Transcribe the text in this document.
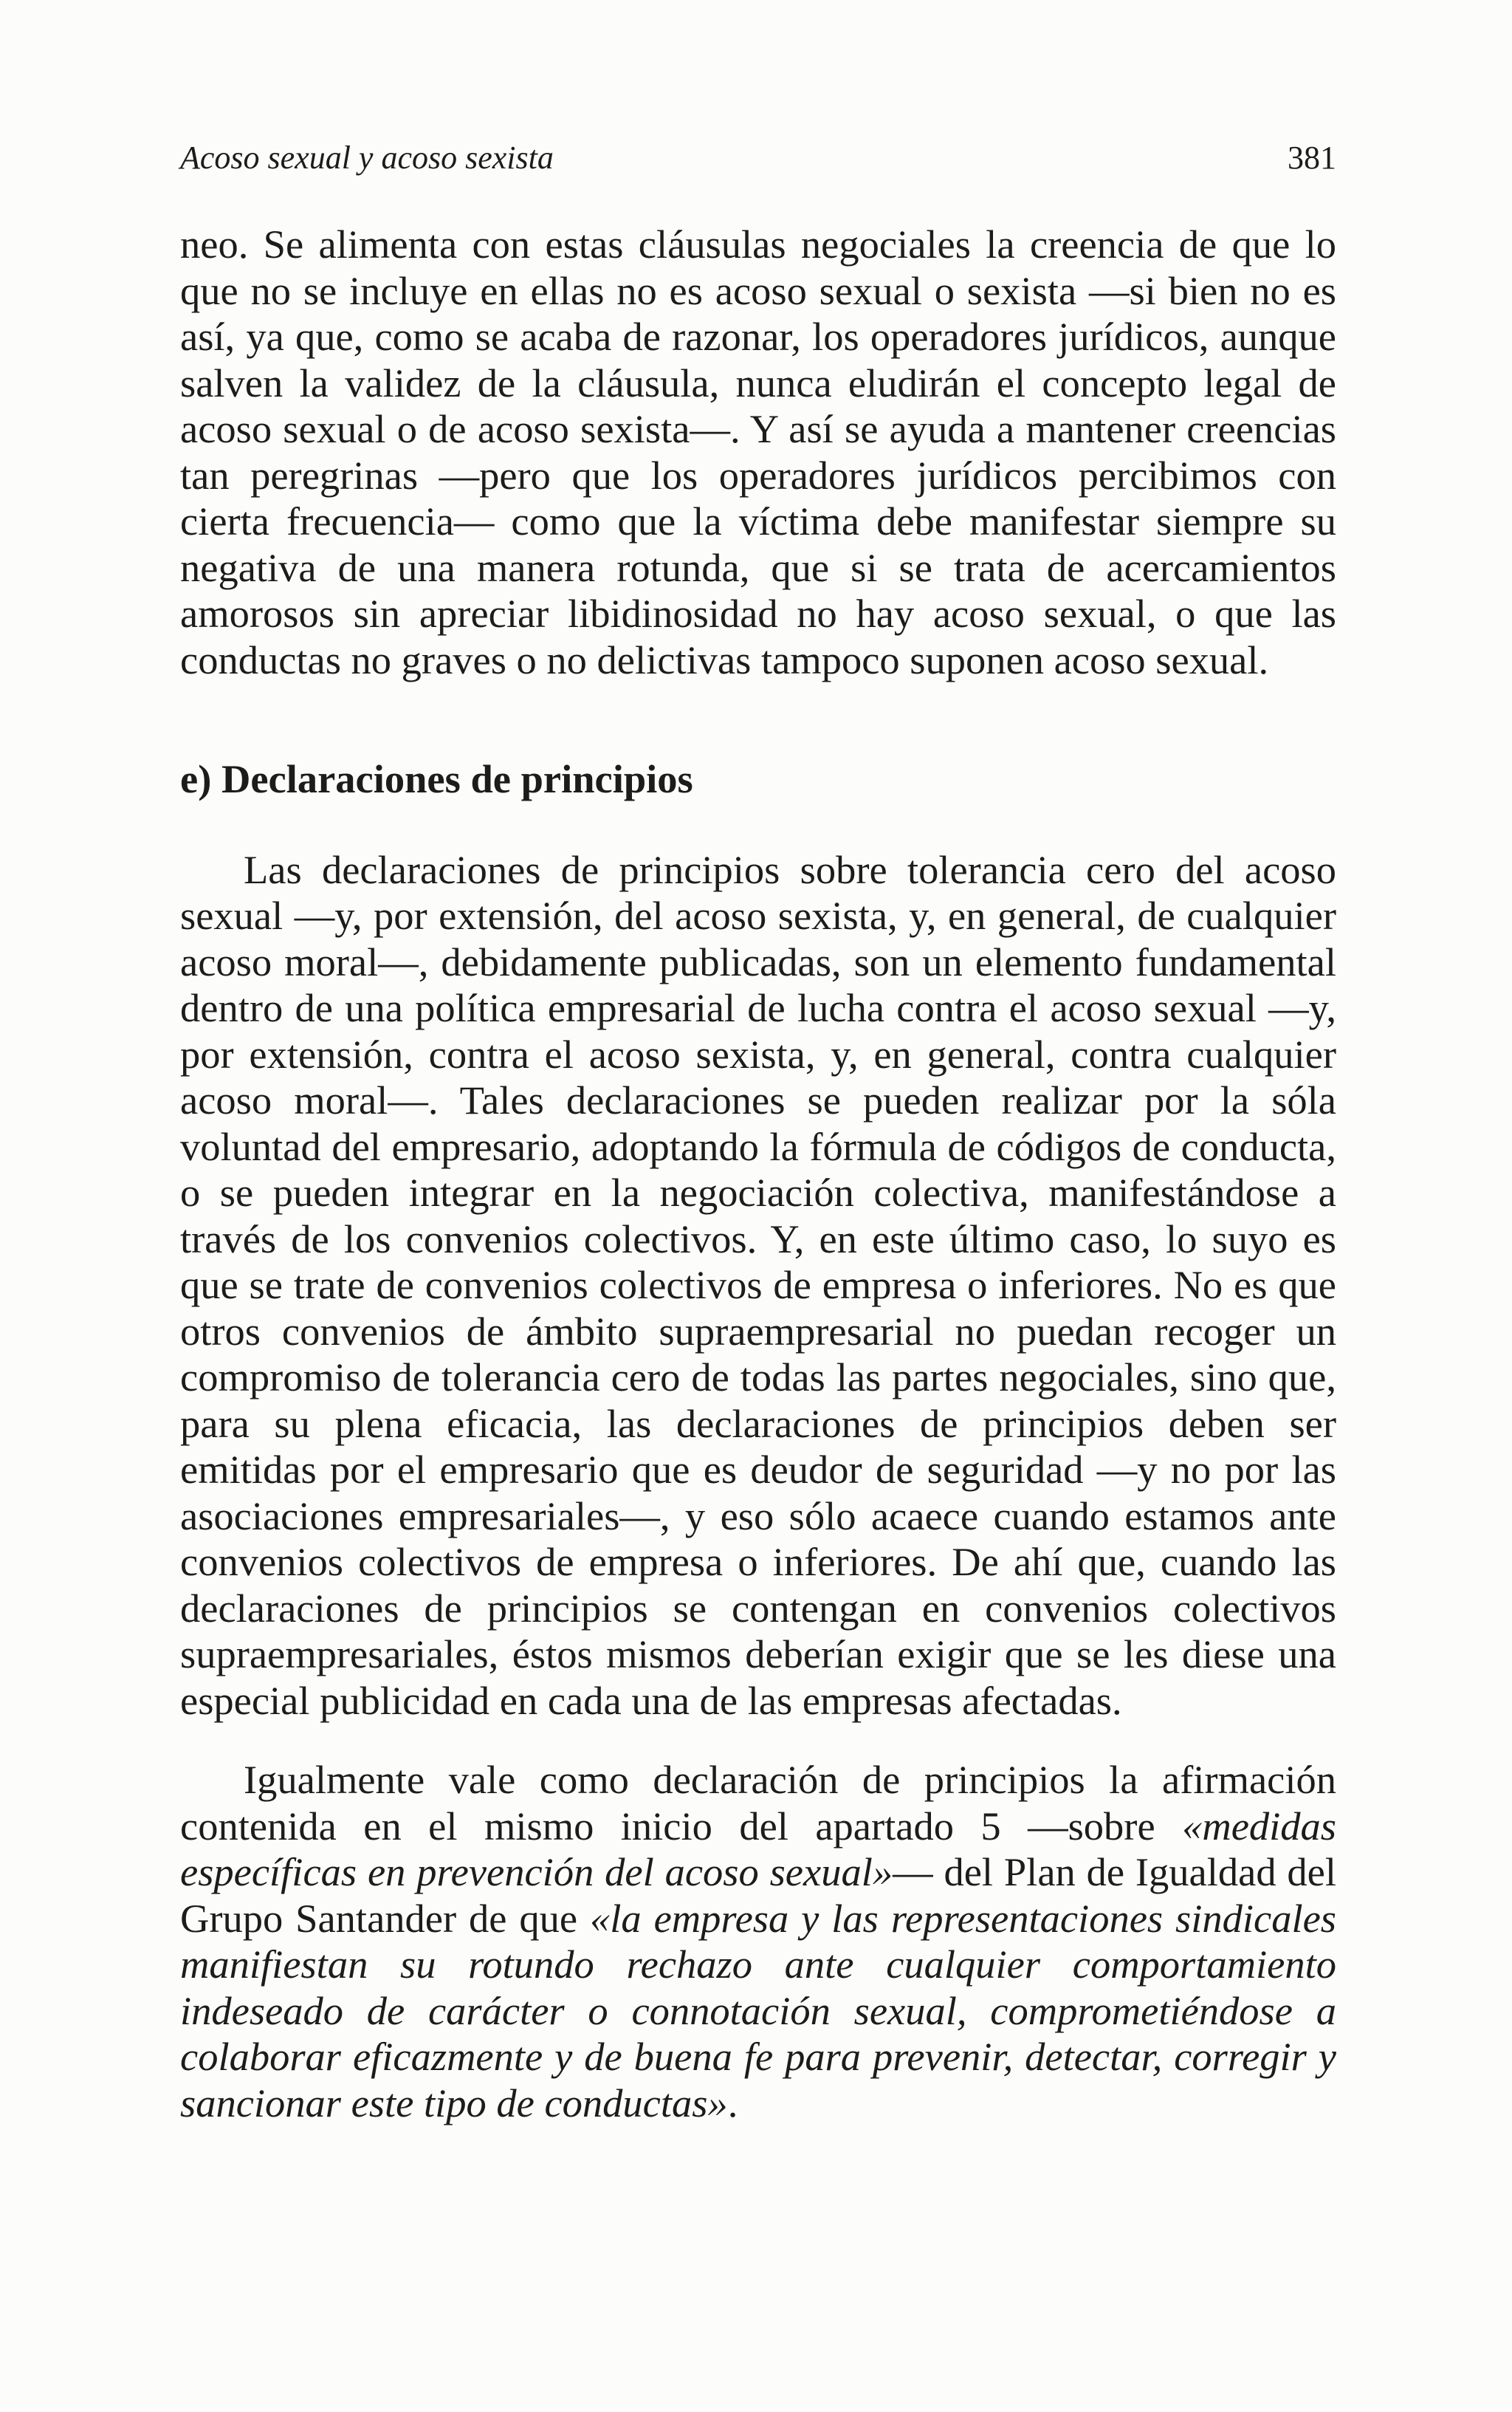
Acoso sexual y acoso sexista	381

neo. Se alimenta con estas cláusulas negociales la creencia de que lo que no se incluye en ellas no es acoso sexual o sexista —si bien no es así, ya que, como se acaba de razonar, los operadores jurídicos, aunque salven la validez de la cláusula, nunca eludirán el concepto legal de acoso sexual o de acoso sexista—. Y así se ayuda a mantener creencias tan peregrinas —pero que los operadores jurídicos percibimos con cierta frecuencia— como que la víctima debe manifestar siempre su negativa de una manera rotunda, que si se trata de acercamientos amorosos sin apreciar libidinosidad no hay acoso sexual, o que las conductas no graves o no delictivas tampoco suponen acoso sexual.

e) Declaraciones de principios

Las declaraciones de principios sobre tolerancia cero del acoso sexual —y, por extensión, del acoso sexista, y, en general, de cualquier acoso moral—, debidamente publicadas, son un elemento fundamental dentro de una política empresarial de lucha contra el acoso sexual —y, por extensión, contra el acoso sexista, y, en general, contra cualquier acoso moral—. Tales declaraciones se pueden realizar por la sóla voluntad del empresario, adoptando la fórmula de códigos de conducta, o se pueden integrar en la negociación colectiva, manifestándose a través de los convenios colectivos. Y, en este último caso, lo suyo es que se trate de convenios colectivos de empresa o inferiores. No es que otros convenios de ámbito supraempresarial no puedan recoger un compromiso de tolerancia cero de todas las partes negociales, sino que, para su plena eficacia, las declaraciones de principios deben ser emitidas por el empresario que es deudor de seguridad —y no por las asociaciones empresariales—, y eso sólo acaece cuando estamos ante convenios colectivos de empresa o inferiores. De ahí que, cuando las declaraciones de principios se contengan en convenios colectivos supraempresariales, éstos mismos deberían exigir que se les diese una especial publicidad en cada una de las empresas afectadas.

Igualmente vale como declaración de principios la afirmación contenida en el mismo inicio del apartado 5 —sobre «medidas específicas en prevención del acoso sexual»— del Plan de Igualdad del Grupo Santander de que «la empresa y las representaciones sindicales manifiestan su rotundo rechazo ante cualquier comportamiento indeseado de carácter o connotación sexual, comprometiéndose a colaborar eficazmente y de buena fe para prevenir, detectar, corregir y sancionar este tipo de conductas».
